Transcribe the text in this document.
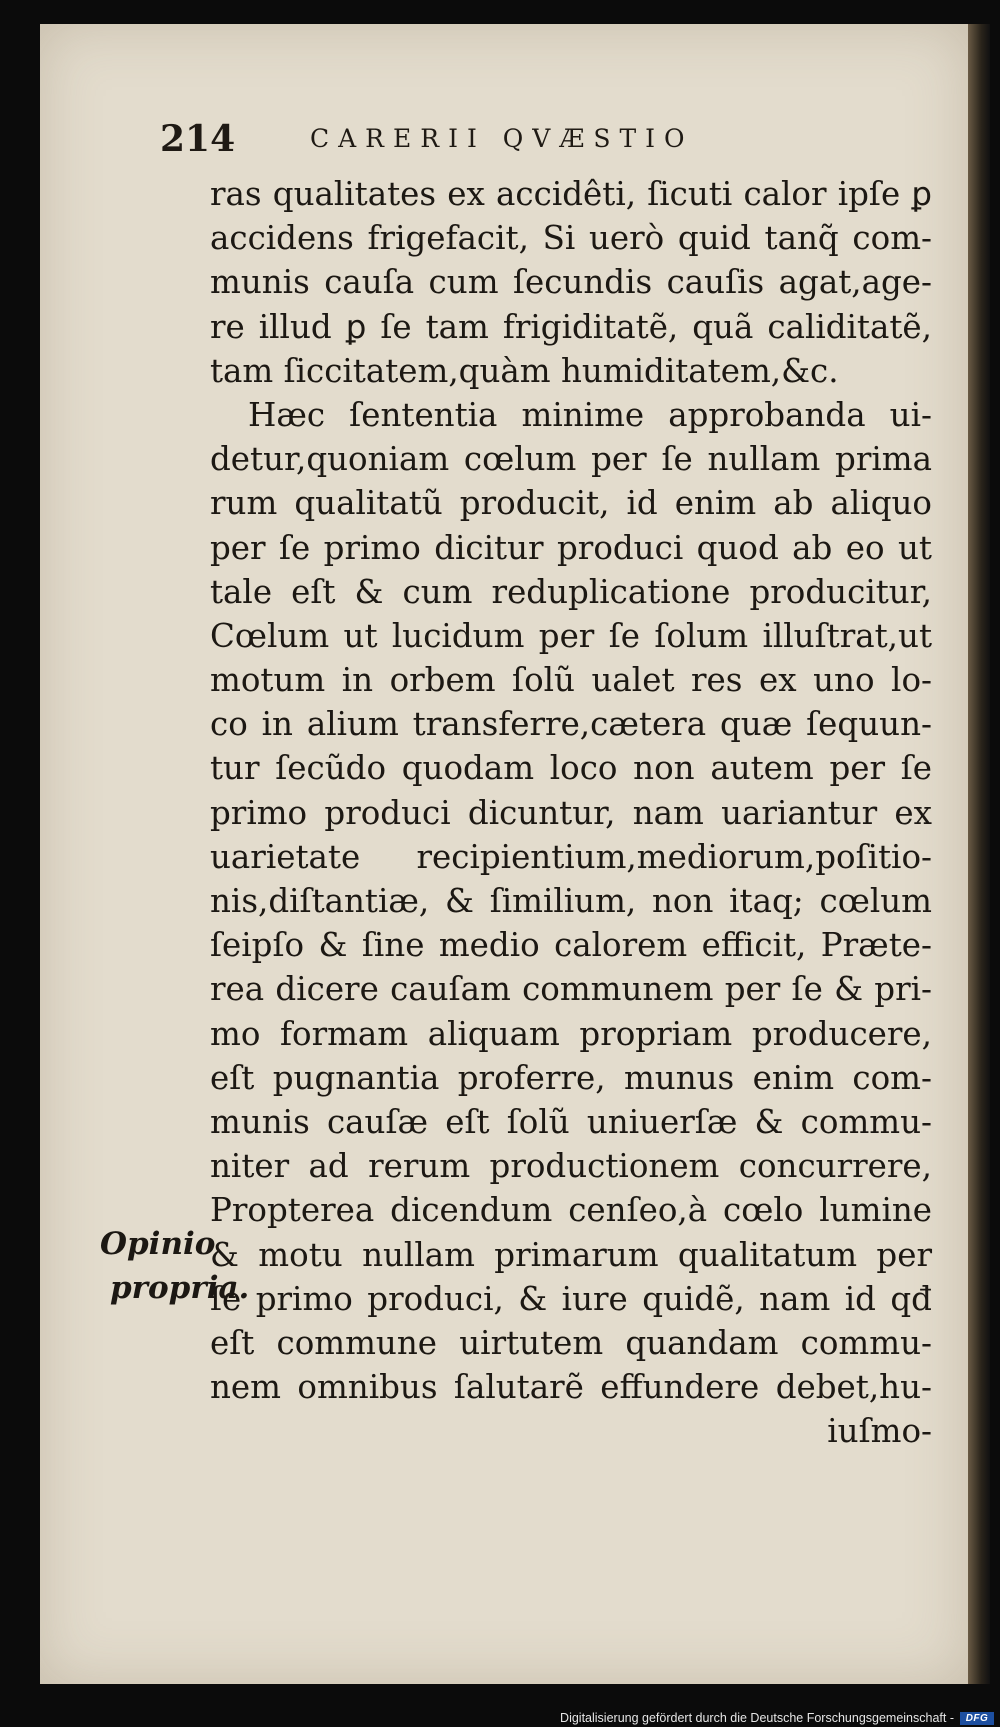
214	CARERII QVÆSTIO
Opinio
propria.
ras qualitates ex accidêti, ſicuti calor ipſe ꝑ
accidens frigefacit, Si uerò quid tanq̃ com-
munis cauſa cum ſecundis cauſis agat,age-
re illud ꝑ ſe tam frigiditatẽ, quã caliditatẽ,
tam ſiccitatem,quàm humiditatem,&c.
Hæc ſententia minime approbanda ui-
detur,quoniam cœlum per ſe nullam prima
rum qualitatũ producit, id enim ab aliquo
per ſe primo dicitur produci quod ab eo ut
tale eſt & cum reduplicatione producitur,
Cœlum ut lucidum per ſe ſolum illuſtrat,ut
motum in orbem ſolũ ualet res ex uno lo-
co in alium transferre,cætera quæ ſequun-
tur ſecũdo quodam loco non autem per ſe
primo produci dicuntur, nam uariantur ex
uarietate recipientium,mediorum,poſitio-
nis,diſtantiæ, & ſimilium, non itaq; cœlum
ſeipſo & ſine medio calorem efficit, Præte-
rea dicere cauſam communem per ſe & pri-
mo formam aliquam propriam producere,
eſt pugnantia proferre, munus enim com-
munis cauſæ eſt ſolũ uniuerſæ & commu-
niter ad rerum productionem concurrere,
Propterea dicendum cenſeo,à cœlo lumine
& motu nullam primarum qualitatum per
ſe primo produci, & iure quidẽ, nam id qđ
eſt commune uirtutem quandam commu-
nem omnibus ſalutarẽ effundere debet,hu-
iuſmo-
Digitalisierung gefördert durch die Deutsche Forschungsgemeinschaft -	DFG
